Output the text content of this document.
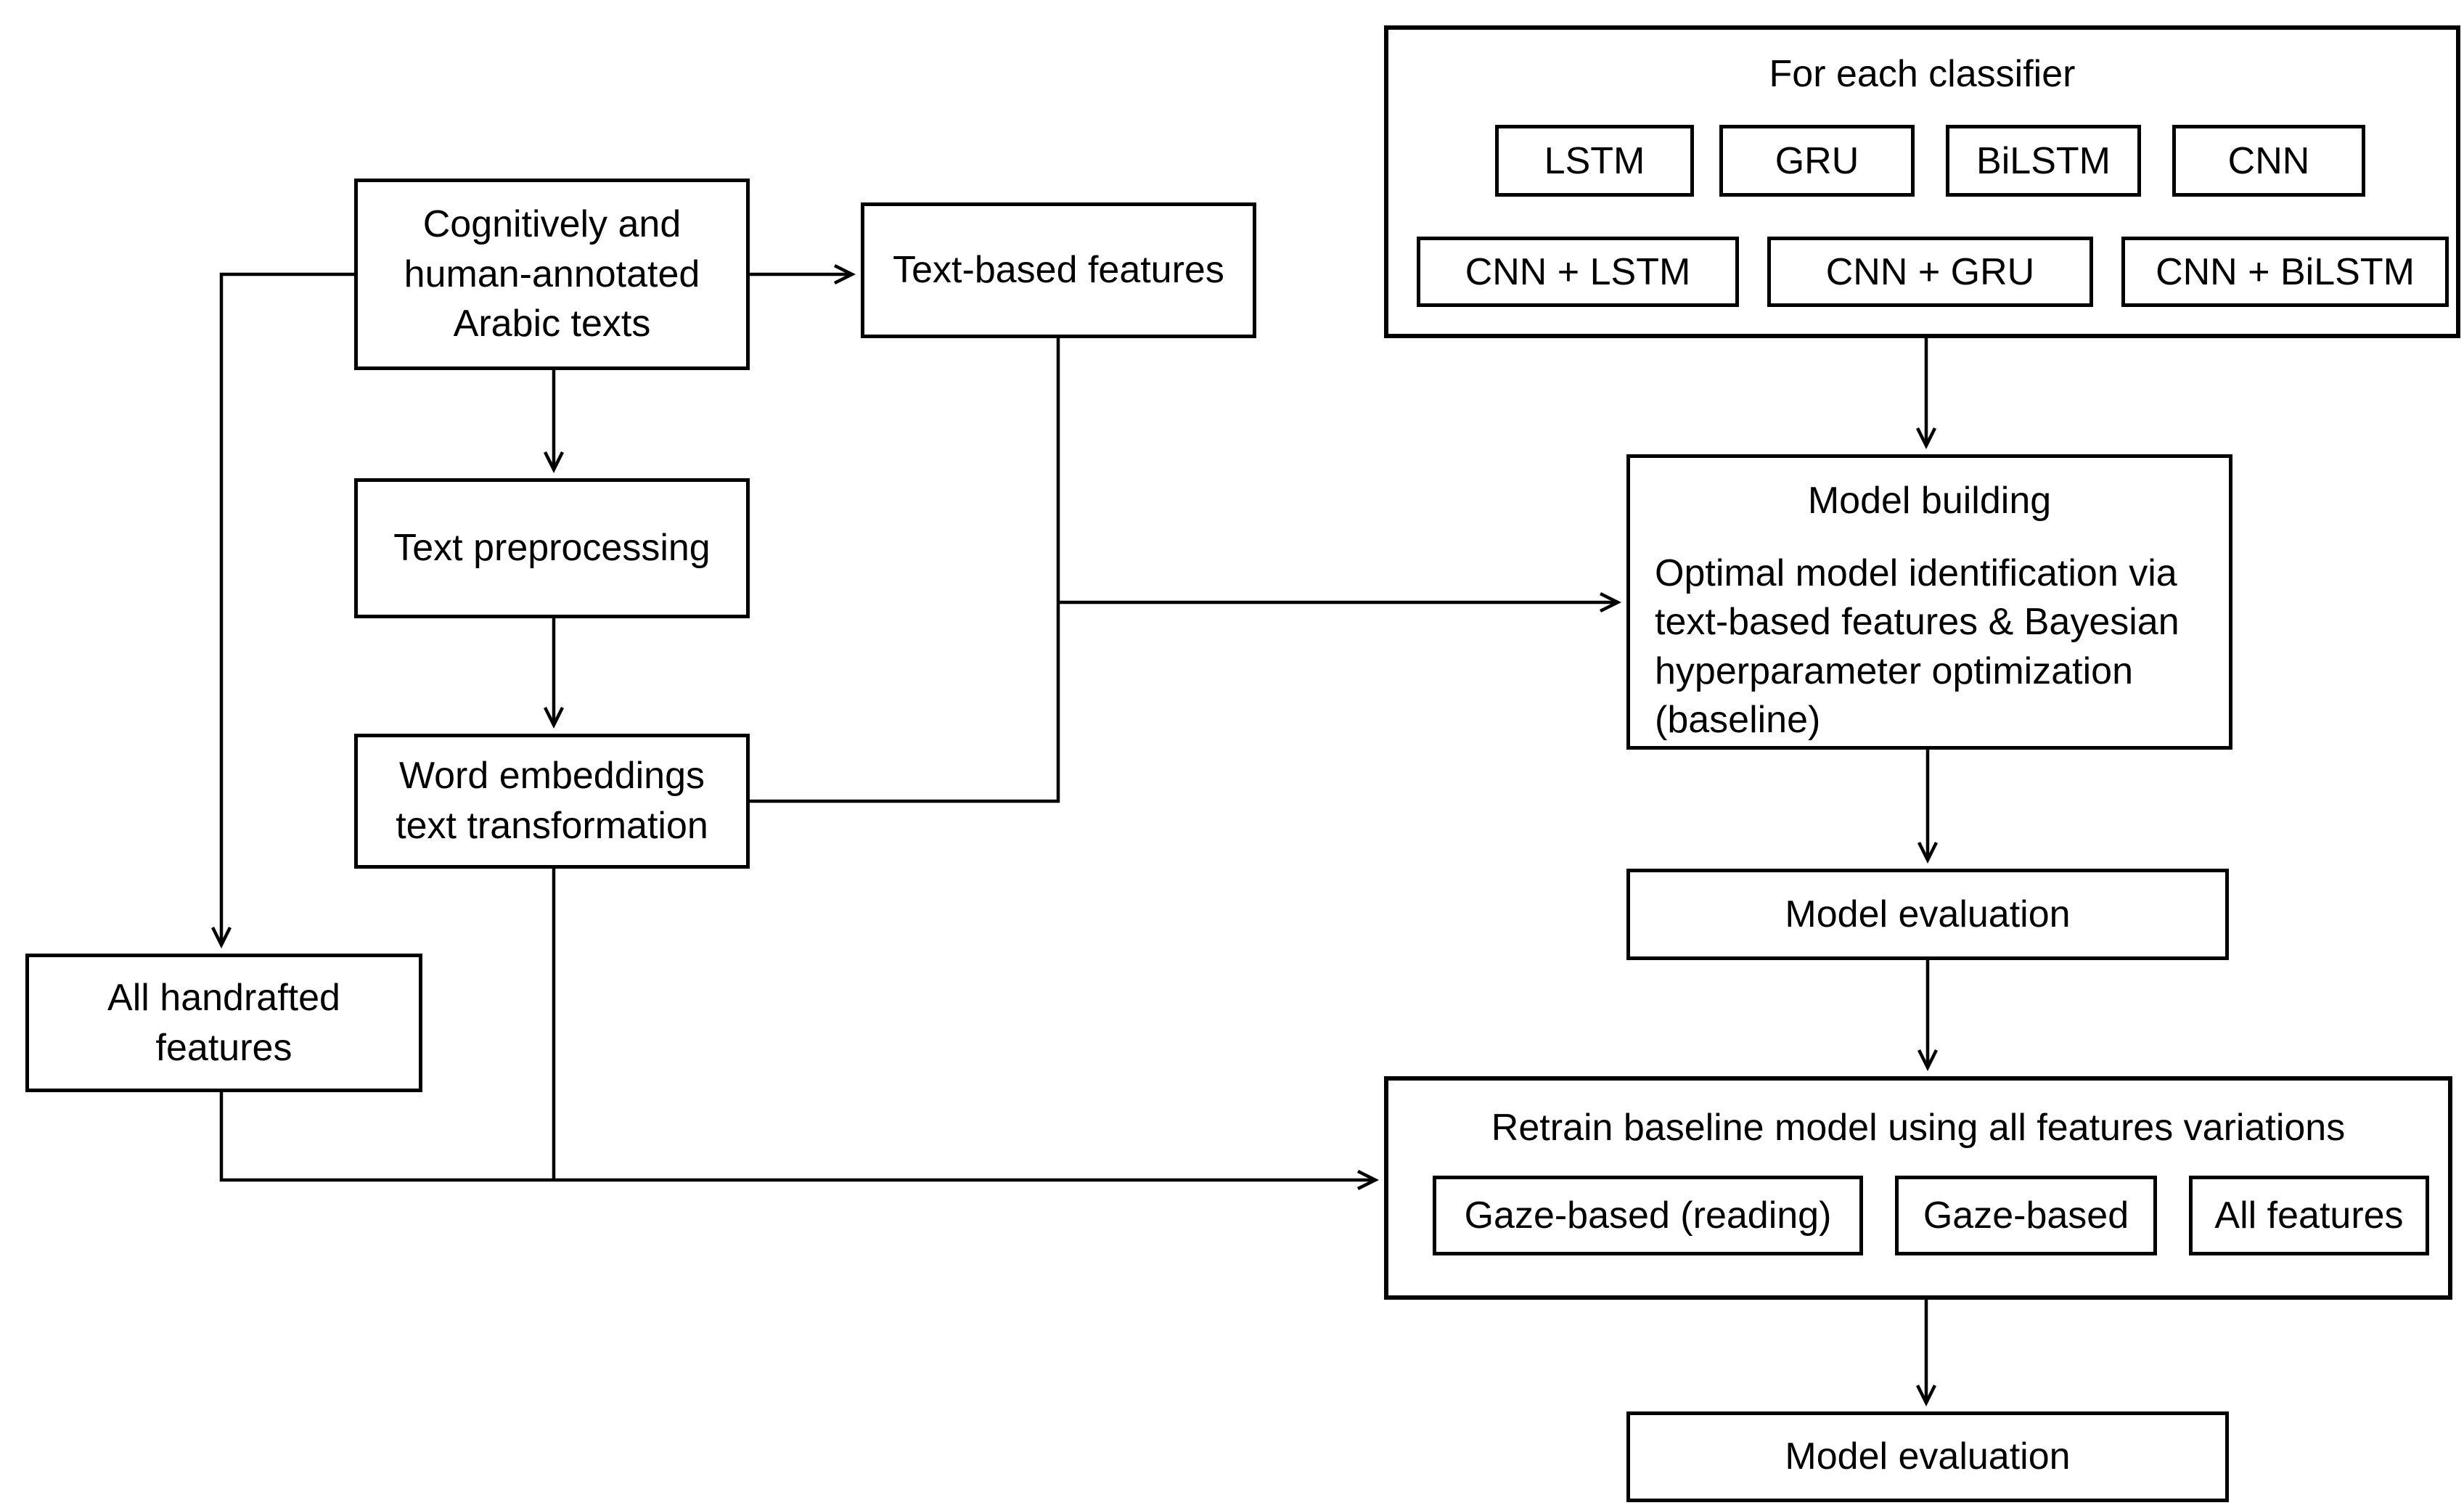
Cognitively and human-annotated Arabic texts
Text-based features
Text preprocessing
Word embeddings text transformation
All handrafted features
For each classifier
LSTM	GRU	BiLSTM	CNN
CNN + LSTM	CNN + GRU	CNN + BiLSTM
Model building
Optimal model identification via text-based features & Bayesian hyperparameter optimization (baseline)
Model evaluation
Retrain baseline model using all features variations
Gaze-based (reading)	Gaze-based	All features
Model evaluation
